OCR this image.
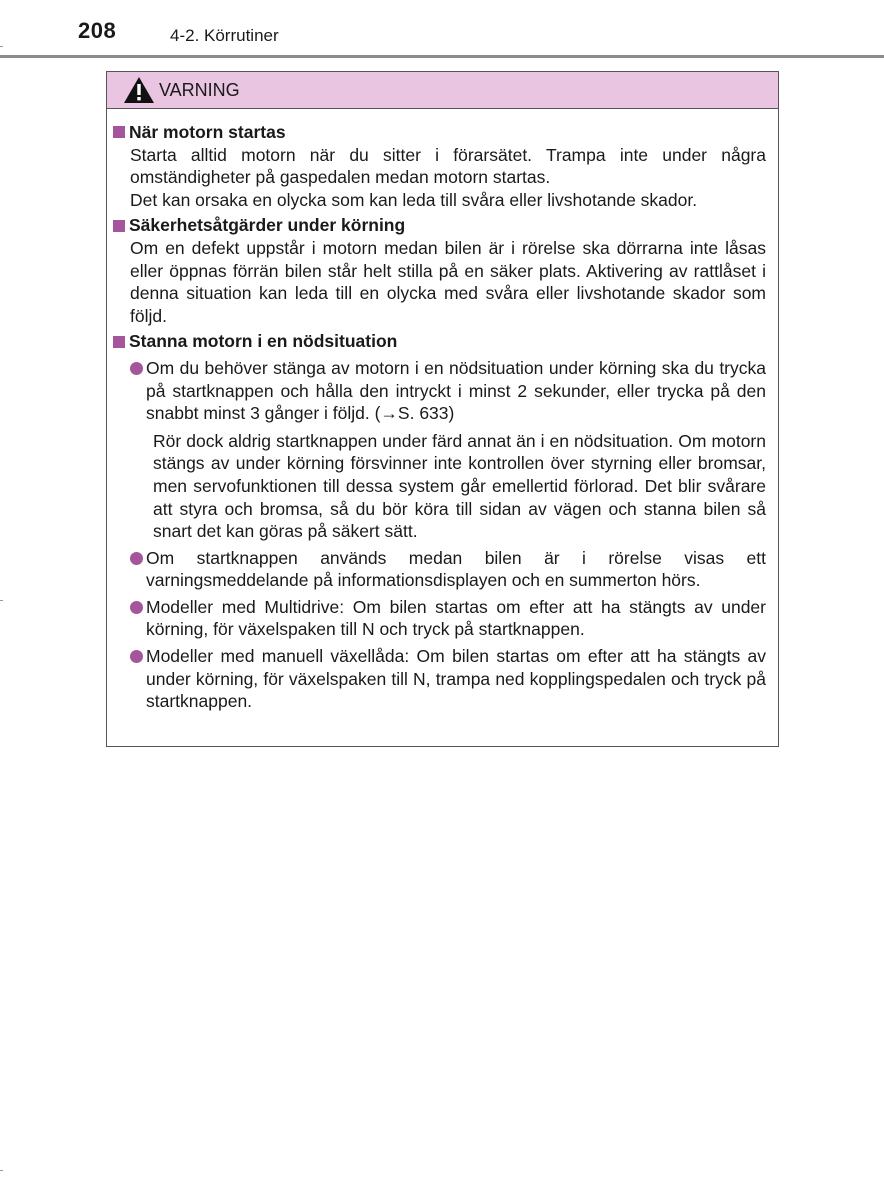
208	4-2. Körrutiner
VARNING
När motorn startas
Starta alltid motorn när du sitter i förarsätet. Trampa inte under några omständigheter på gaspedalen medan motorn startas.
Det kan orsaka en olycka som kan leda till svåra eller livshotande skador.
Säkerhetsåtgärder under körning
Om en defekt uppstår i motorn medan bilen är i rörelse ska dörrarna inte låsas eller öppnas förrän bilen står helt stilla på en säker plats. Aktivering av rattlåset i denna situation kan leda till en olycka med svåra eller livshotande skador som följd.
Stanna motorn i en nödsituation
Om du behöver stänga av motorn i en nödsituation under körning ska du trycka på startknappen och hålla den intryckt i minst 2 sekunder, eller trycka på den snabbt minst 3 gånger i följd. (→S. 633)
Rör dock aldrig startknappen under färd annat än i en nödsituation. Om motorn stängs av under körning försvinner inte kontrollen över styrning eller bromsar, men servofunktionen till dessa system går emellertid förlorad. Det blir svårare att styra och bromsa, så du bör köra till sidan av vägen och stanna bilen så snart det kan göras på säkert sätt.
Om startknappen används medan bilen är i rörelse visas ett varningsmeddelande på informationsdisplayen och en summerton hörs.
Modeller med Multidrive: Om bilen startas om efter att ha stängts av under körning, för växelspaken till N och tryck på startknappen.
Modeller med manuell växellåda: Om bilen startas om efter att ha stängts av under körning, för växelspaken till N, trampa ned kopplingspedalen och tryck på startknappen.
